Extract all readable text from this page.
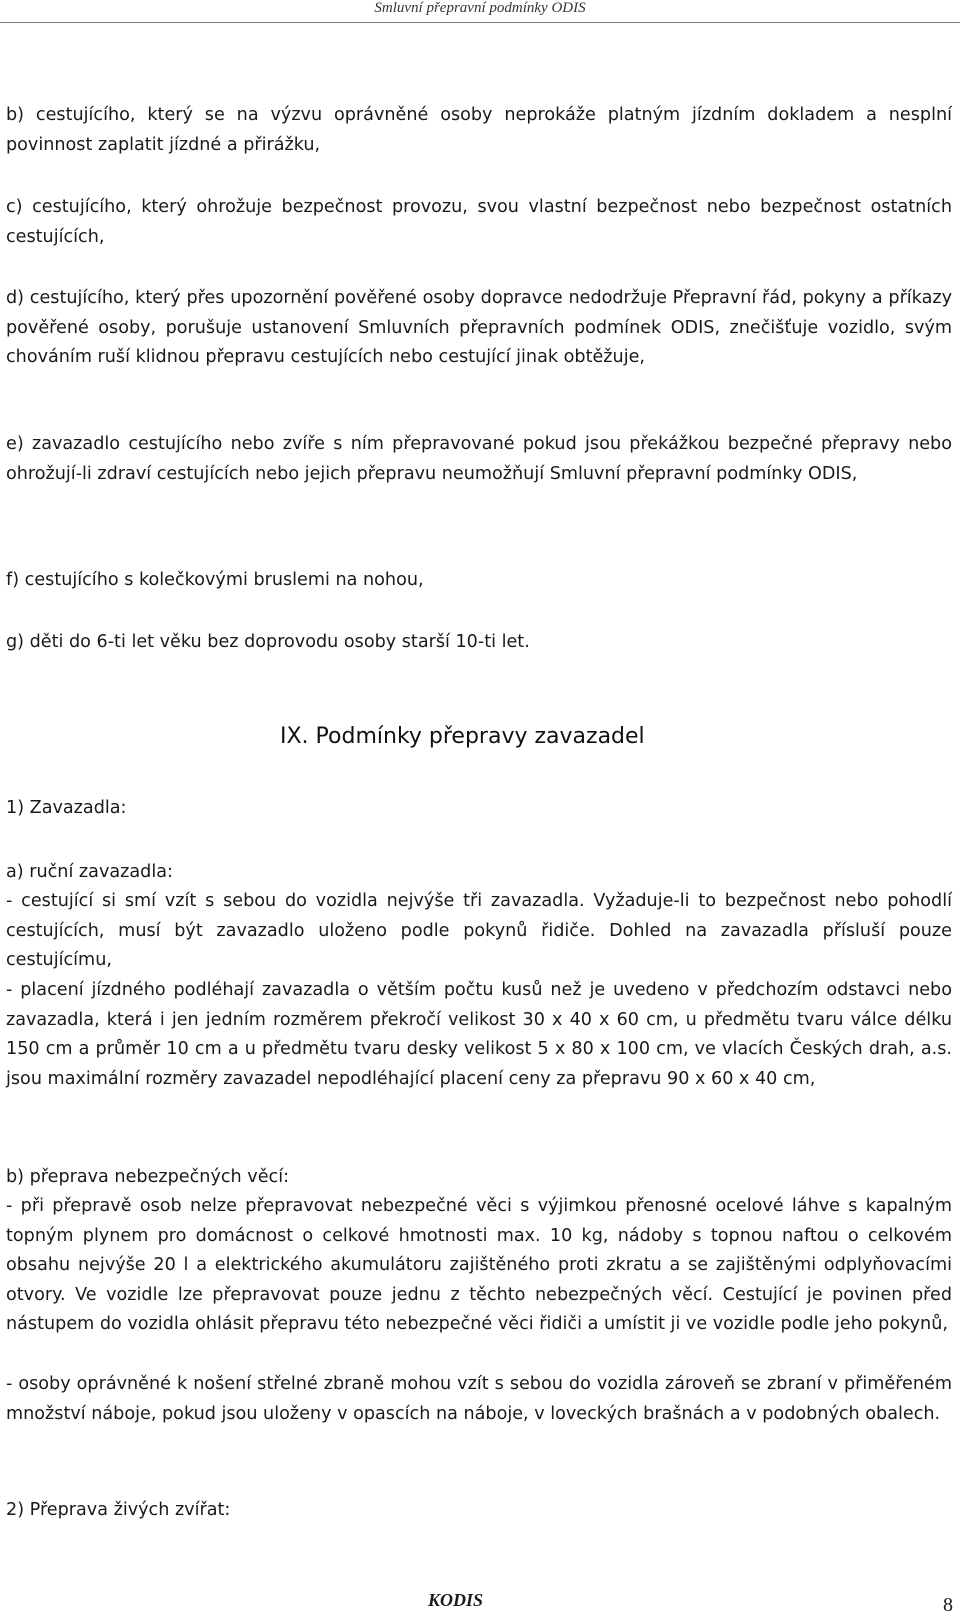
Smluvní přepravní podmínky ODIS

b) cestujícího, který se na výzvu oprávněné osoby neprokáže platným jízdním dokladem a nesplní povinnost zaplatit jízdné a přirážku,

c) cestujícího, který ohrožuje bezpečnost provozu, svou vlastní bezpečnost nebo bezpečnost ostatních cestujících,

d) cestujícího, který přes upozornění pověřené osoby dopravce nedodržuje Přepravní řád, pokyny a příkazy pověřené osoby, porušuje ustanovení Smluvních přepravních podmínek ODIS, znečišťuje vozidlo, svým chováním ruší klidnou přepravu cestujících nebo cestující jinak obtěžuje,

e) zavazadlo cestujícího nebo zvíře s ním přepravované pokud jsou překážkou bezpečné přepravy nebo ohrožují-li zdraví cestujících nebo jejich přepravu neumožňují Smluvní přepravní podmínky ODIS,

f) cestujícího s kolečkovými bruslemi na nohou,

g) děti do 6-ti let věku bez doprovodu osoby starší 10-ti let.

IX. Podmínky přepravy zavazadel

1) Zavazadla:

a) ruční zavazadla:

- cestující si smí vzít s sebou do vozidla nejvýše tři zavazadla. Vyžaduje-li to bezpečnost nebo pohodlí cestujících, musí být zavazadlo uloženo podle pokynů řidiče. Dohled na zavazadla přísluší pouze cestujícímu,

- placení jízdného podléhají zavazadla o větším počtu kusů než je uvedeno v předchozím odstavci nebo zavazadla, která i jen jedním rozměrem překročí velikost 30 x 40 x 60 cm, u předmětu tvaru válce délku 150 cm a průměr 10 cm a u předmětu tvaru desky velikost 5 x 80 x 100 cm, ve vlacích Českých drah, a.s. jsou maximální rozměry zavazadel nepodléhající placení ceny za přepravu 90 x 60 x 40 cm,

b) přeprava nebezpečných věcí:

- při přepravě osob nelze přepravovat nebezpečné věci s výjimkou přenosné ocelové láhve s kapalným topným plynem pro domácnost o celkové hmotnosti max. 10 kg, nádoby s topnou naftou o celkovém obsahu nejvýše 20 l a elektrického akumulátoru zajištěného proti zkratu a se zajištěnými odplyňovacími otvory. Ve vozidle lze přepravovat pouze jednu z těchto nebezpečných věcí. Cestující je povinen před nástupem do vozidla ohlásit přepravu této nebezpečné věci řidiči a umístit ji ve vozidle podle jeho pokynů,

- osoby oprávněné k nošení střelné zbraně mohou vzít s sebou do vozidla zároveň se zbraní v přiměřeném množství náboje, pokud jsou uloženy v opascích na náboje, v loveckých brašnách a v podobných obalech.

2) Přeprava živých zvířat:

KODIS	8
